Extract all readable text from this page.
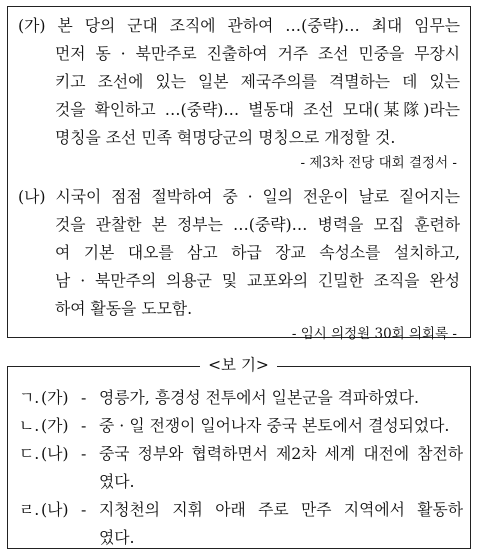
(가) 본 당의 군대 조직에 관하여 …(중략)… 최대 임무는
먼저 동 · 북만주로 진출하여 거주 조선 민중을 무장시
키고 조선에 있는 일본 제국주의를 격멸하는 데 있는
것을 확인하고 …(중략)… 별동대 조선 모대(某隊)라는
명칭을 조선 민족 혁명당군의 명칭으로 개정할 것.
- 제3차 전당 대회 결정서 -
(나) 시국이 점점 절박하여 중 · 일의 전운이 날로 짙어지는
것을 관찰한 본 정부는 …(중략)… 병력을 모집 훈련하
여 기본 대오를 삼고 하급 장교 속성소를 설치하고,
남 · 북만주의 의용군 및 교포와의 긴밀한 조직을 완성
하여 활동을 도모함.
- 임시 의정원 30회 의회록 -
<보 기>
ㄱ. (가) - 영릉가, 흥경성 전투에서 일본군을 격파하였다.
ㄴ. (가) - 중 · 일 전쟁이 일어나자 중국 본토에서 결성되었다.
ㄷ. (나) - 중국 정부와 협력하면서 제2차 세계 대전에 참전하
였다.
ㄹ. (나) - 지청천의 지휘 아래 주로 만주 지역에서 활동하
였다.
